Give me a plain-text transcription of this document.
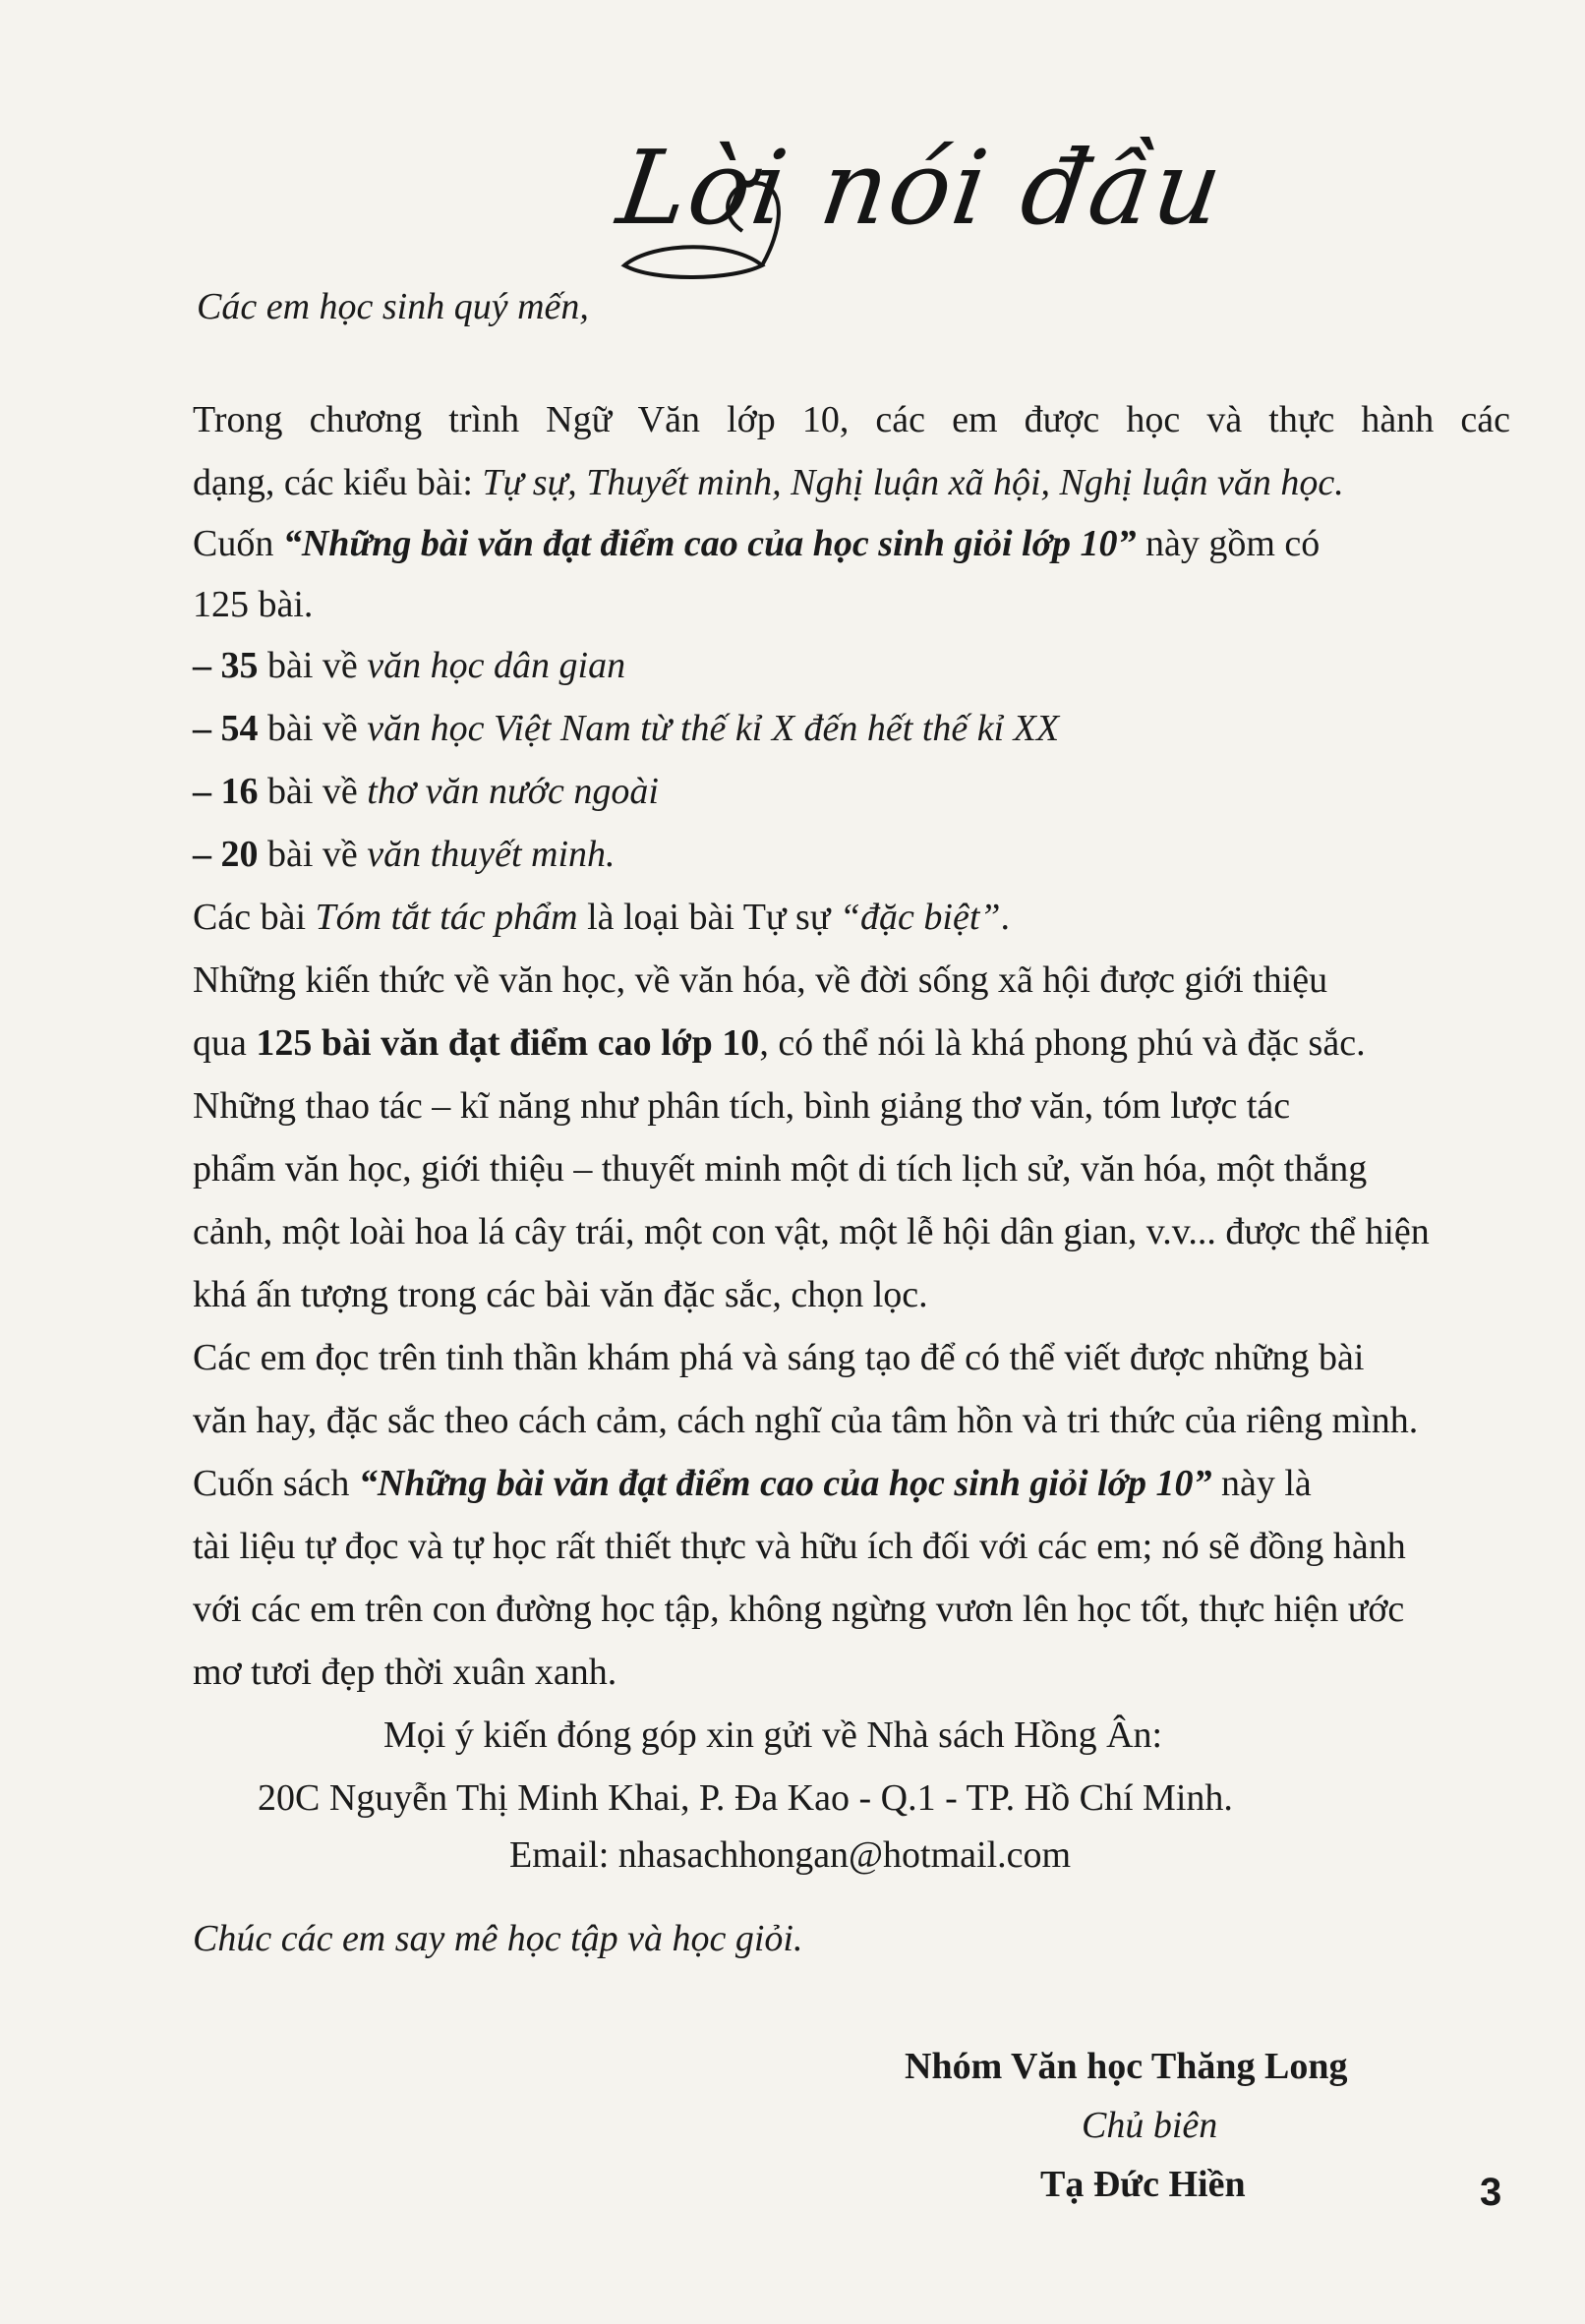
Lời nói đầu
Các em học sinh quý mến,
Trong chương trình Ngữ Văn lớp 10, các em được học và thực hành các
dạng, các kiểu bài: Tự sự, Thuyết minh, Nghị luận xã hội, Nghị luận văn học.
Cuốn “Những bài văn đạt điểm cao của học sinh giỏi lớp 10” này gồm có
125 bài.
– 35 bài về văn học dân gian
– 54 bài về văn học Việt Nam từ thế kỉ X đến hết thế kỉ XX
– 16 bài về thơ văn nước ngoài
– 20 bài về văn thuyết minh.
Các bài Tóm tắt tác phẩm là loại bài Tự sự “đặc biệt”.
Những kiến thức về văn học, về văn hóa, về đời sống xã hội được giới thiệu
qua 125 bài văn đạt điểm cao lớp 10, có thể nói là khá phong phú và đặc sắc.
Những thao tác – kĩ năng như phân tích, bình giảng thơ văn, tóm lược tác
phẩm văn học, giới thiệu – thuyết minh một di tích lịch sử, văn hóa, một thắng
cảnh, một loài hoa lá cây trái, một con vật, một lễ hội dân gian, v.v... được thể hiện
khá ấn tượng trong các bài văn đặc sắc, chọn lọc.
Các em đọc trên tinh thần khám phá và sáng tạo để có thể viết được những bài
văn hay, đặc sắc theo cách cảm, cách nghĩ của tâm hồn và tri thức của riêng mình.
Cuốn sách “Những bài văn đạt điểm cao của học sinh giỏi lớp 10” này là
tài liệu tự đọc và tự học rất thiết thực và hữu ích đối với các em; nó sẽ đồng hành
với các em trên con đường học tập, không ngừng vươn lên học tốt, thực hiện ước
mơ tươi đẹp thời xuân xanh.
Mọi ý kiến đóng góp xin gửi về Nhà sách Hồng Ân:
20C Nguyễn Thị Minh Khai, P. Đa Kao - Q.1 - TP. Hồ Chí Minh.
Email: nhasachhongan@hotmail.com
Chúc các em say mê học tập và học giỏi.
Nhóm Văn học Thăng Long
Chủ biên
Tạ Đức Hiền	3
